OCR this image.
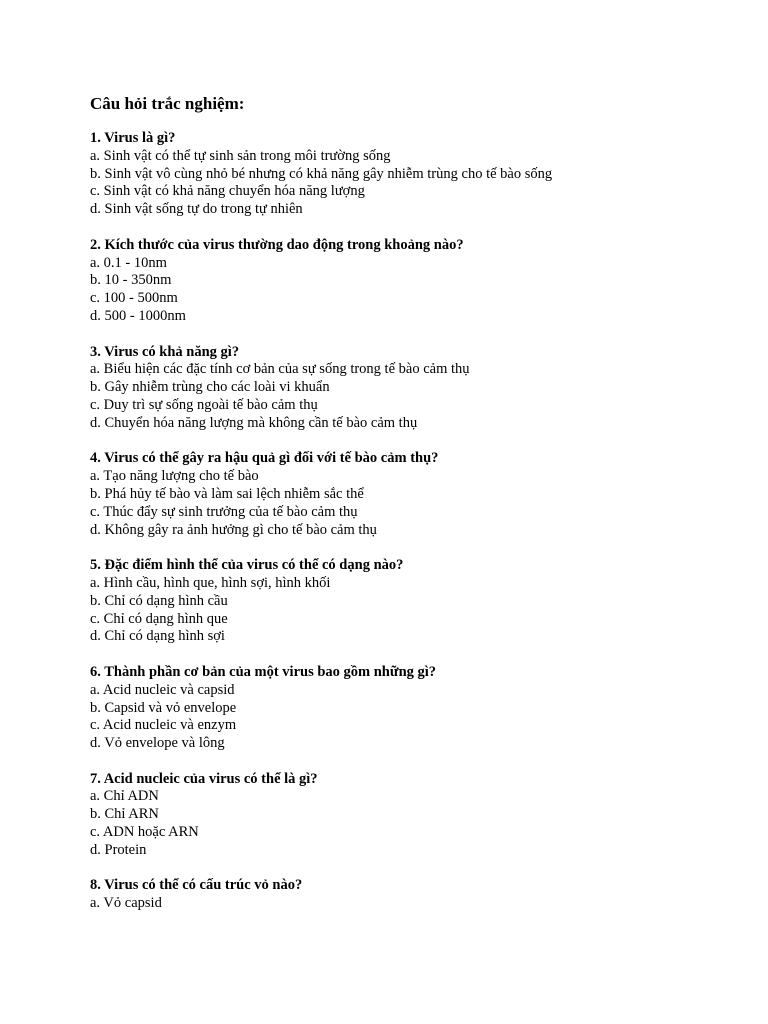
Câu hỏi trắc nghiệm:
1. Virus là gì?
a. Sinh vật có thể tự sinh sản trong môi trường sống
b. Sinh vật vô cùng nhỏ bé nhưng có khả năng gây nhiễm trùng cho tế bào sống
c. Sinh vật có khả năng chuyển hóa năng lượng
d. Sinh vật sống tự do trong tự nhiên
2. Kích thước của virus thường dao động trong khoảng nào?
a. 0.1 - 10nm
b. 10 - 350nm
c. 100 - 500nm
d. 500 - 1000nm
3. Virus có khả năng gì?
a. Biểu hiện các đặc tính cơ bản của sự sống trong tế bào cảm thụ
b. Gây nhiễm trùng cho các loài vi khuẩn
c. Duy trì sự sống ngoài tế bào cảm thụ
d. Chuyển hóa năng lượng mà không cần tế bào cảm thụ
4. Virus có thể gây ra hậu quả gì đối với tế bào cảm thụ?
a. Tạo năng lượng cho tế bào
b. Phá hủy tế bào và làm sai lệch nhiễm sắc thể
c. Thúc đẩy sự sinh trưởng của tế bào cảm thụ
d. Không gây ra ảnh hưởng gì cho tế bào cảm thụ
5. Đặc điểm hình thể của virus có thể có dạng nào?
a. Hình cầu, hình que, hình sợi, hình khối
b. Chỉ có dạng hình cầu
c. Chỉ có dạng hình que
d. Chỉ có dạng hình sợi
6. Thành phần cơ bản của một virus bao gồm những gì?
a. Acid nucleic và capsid
b. Capsid và vỏ envelope
c. Acid nucleic và enzym
d. Vỏ envelope và lông
7. Acid nucleic của virus có thể là gì?
a. Chỉ ADN
b. Chỉ ARN
c. ADN hoặc ARN
d. Protein
8. Virus có thể có cấu trúc vỏ nào?
a. Vỏ capsid
